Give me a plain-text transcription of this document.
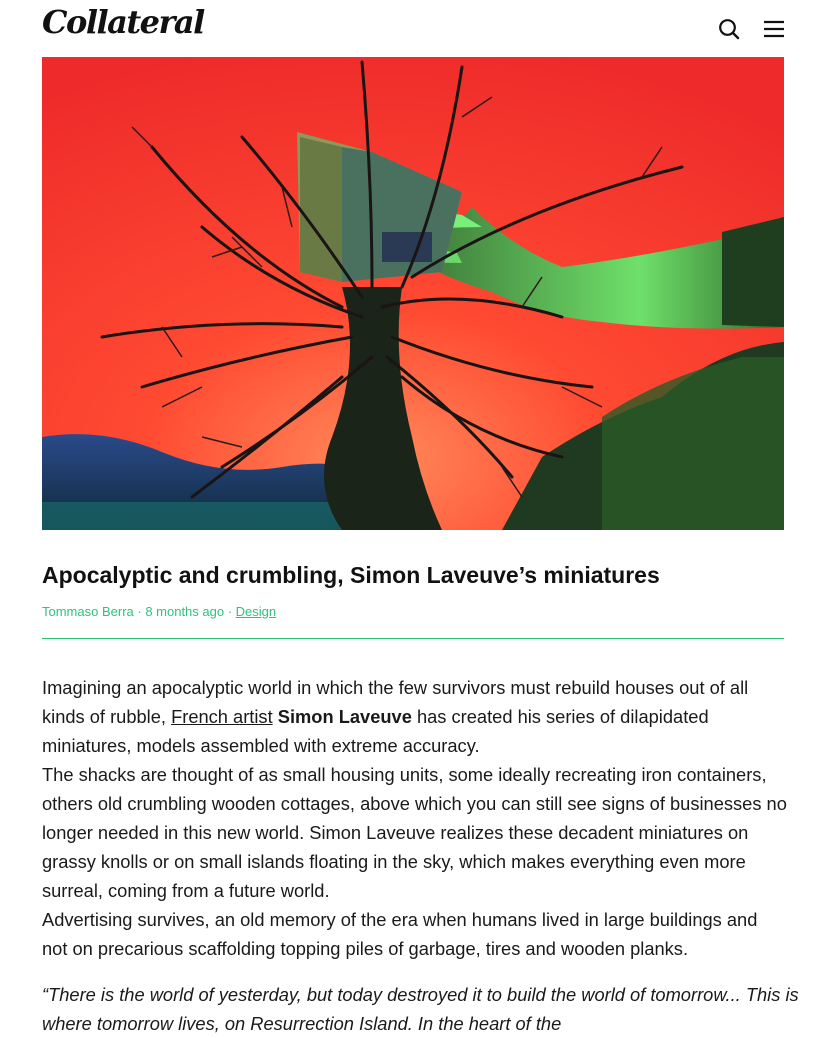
Collateral
Apocalyptic and crumbling, Simon Laveuve’s miniatures
Tommaso Berra · 8 months ago · Design

Imagining an apocalyptic world in which the few survivors must rebuild houses out of all kinds of rubble, French artist Simon Laveuve has created his series of dilapidated miniatures, models assembled with extreme accuracy.

The shacks are thought of as small housing units, some ideally recreating iron containers, others old crumbling wooden cottages, above which you can still see signs of businesses no longer needed in this new world. Simon Laveuve realizes these decadent miniatures on grassy knolls or on small islands floating in the sky, which makes everything even more surreal, coming from a future world.

Advertising survives, an old memory of the era when humans lived in large buildings and not on precarious scaffolding topping piles of garbage, tires and wooden planks.

“There is the world of yesterday, but today destroyed it to build the world of tomorrow... This is where tomorrow lives, on Resurrection Island. In the heart of the
